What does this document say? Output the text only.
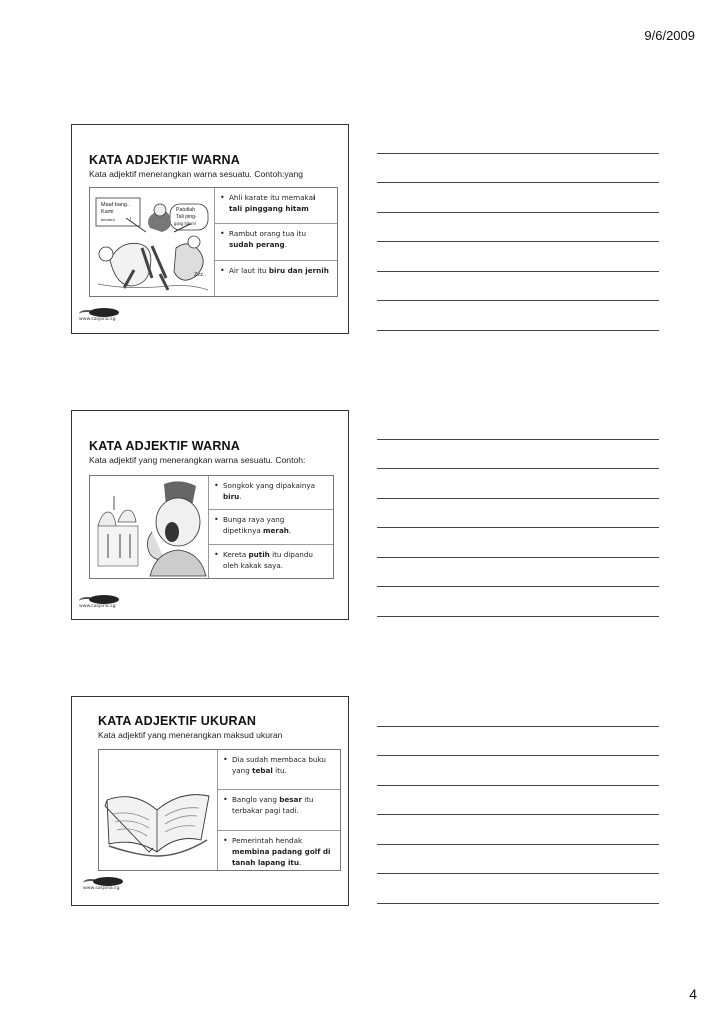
9/6/2009
KATA ADJEKTIF WARNA
Kata adjektif menerangkan warna sesuatu. Contoh:yang
Maaf bang..
Kami
tercabut	!
Patutlah
Tali ping-
gang hitam!
Zzz..
• Ahli karate itu memakai
tali pinggang hitam
• Rambut orang tua itu
sudah perang.
• Air laut itu biru dan jernih
www.sasjona.sg
KATA ADJEKTIF WARNA
Kata adjektif yang menerangkan warna sesuatu. Contoh:
• Songkok yang dipakainya
biru.
• Bunga raya yang
dipetiknya merah.
• Kereta putih itu dipandu
oleh kakak saya.
www.sasjona.sg
KATA ADJEKTIF UKURAN
Kata adjektif yang menerangkan maksud ukuran
• Dia sudah membaca buku
yang tebal itu.
• Banglo vang besar itu
terbakar pagi tadi.
• Pemerintah hendak
membina padang golf di
tanah lapang itu.
www.sasjona.sg
4
